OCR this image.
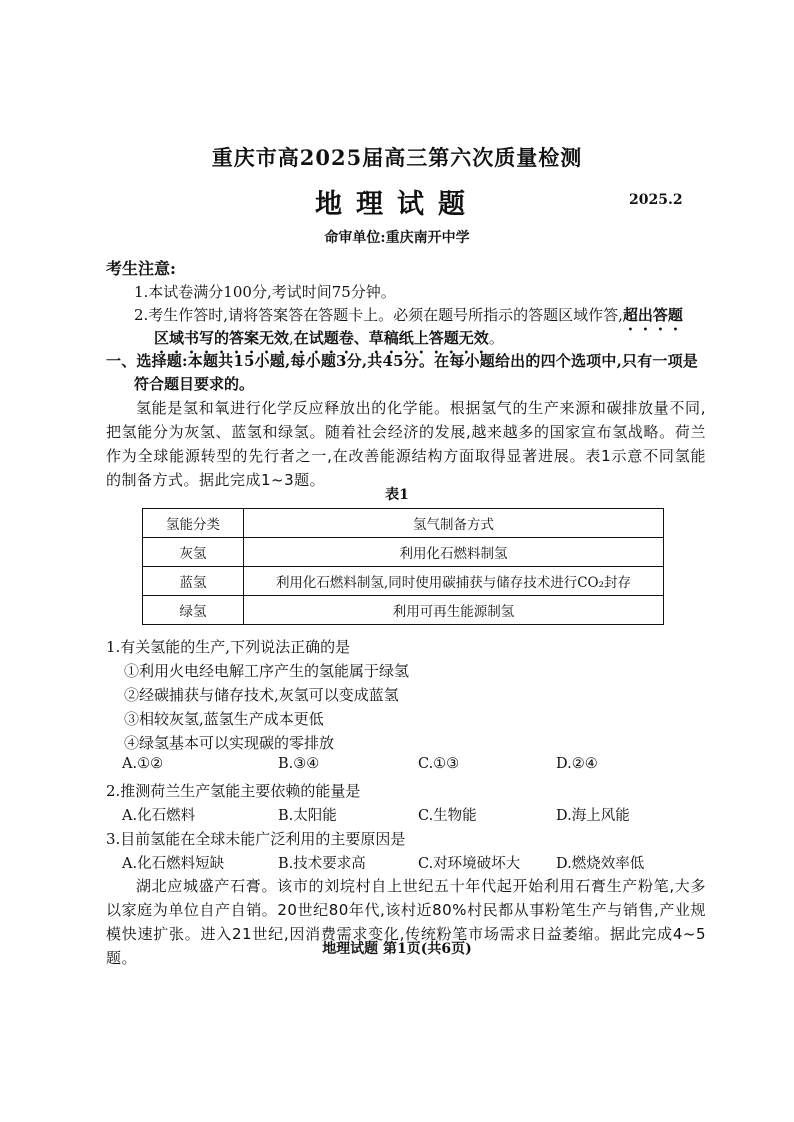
重庆市高2025届高三第六次质量检测
地理试题	2025.2
命审单位:重庆南开中学
考生注意:
1.本试卷满分100分,考试时间75分钟。
2.考生作答时,请将答案答在答题卡上。必须在题号所指示的答题区域作答,超出答题
区域书写的答案无效,在试题卷、草稿纸上答题无效。
一、选择题:本题共15小题,每小题3分,共45分。在每小题给出的四个选项中,只有一项是
符合题目要求的。
氢能是氢和氧进行化学反应释放出的化学能。根据氢气的生产来源和碳排放量不同,把氢能分为灰氢、蓝氢和绿氢。随着社会经济的发展,越来越多的国家宣布氢战略。荷兰作为全球能源转型的先行者之一,在改善能源结构方面取得显著进展。表1示意不同氢能的制备方式。据此完成1~3题。
表1
氢能分类	氢气制备方式
灰氢	利用化石燃料制氢
蓝氢	利用化石燃料制氢,同时使用碳捕获与储存技术进行CO₂封存
绿氢	利用可再生能源制氢
1.有关氢能的生产,下列说法正确的是
①利用火电经电解工序产生的氢能属于绿氢
②经碳捕获与储存技术,灰氢可以变成蓝氢
③相较灰氢,蓝氢生产成本更低
④绿氢基本可以实现碳的零排放
A.①②	B.③④	C.①③	D.②④
2.推测荷兰生产氢能主要依赖的能量是
A.化石燃料	B.太阳能	C.生物能	D.海上风能
3.目前氢能在全球未能广泛利用的主要原因是
A.化石燃料短缺	B.技术要求高	C.对环境破坏大 D.燃烧效率低
湖北应城盛产石膏。该市的刘垸村自上世纪五十年代起开始利用石膏生产粉笔,大多以家庭为单位自产自销。20世纪80年代,该村近80%村民都从事粉笔生产与销售,产业规模快速扩张。进入21世纪,因消费需求变化,传统粉笔市场需求日益萎缩。据此完成4~5题。	地理试题 第1页(共6页)
